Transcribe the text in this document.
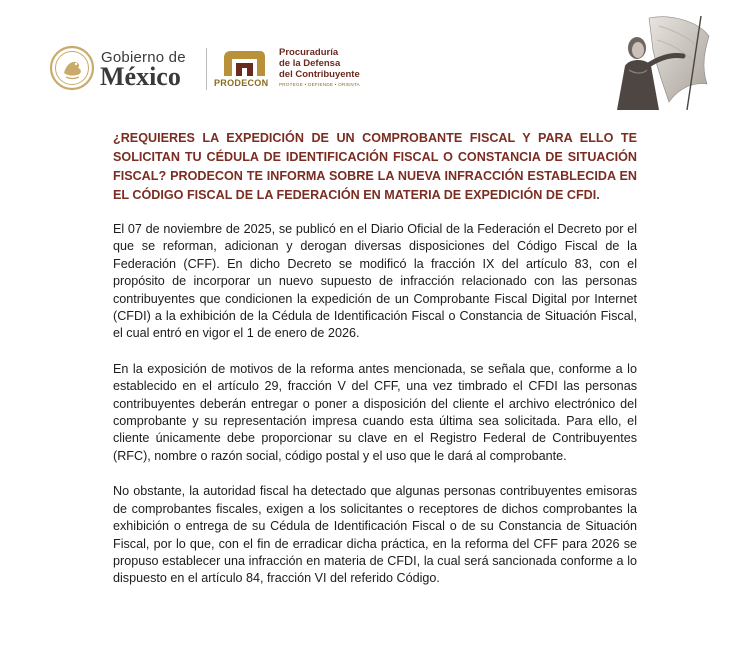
Gobierno de
México	PRODECON
Procuraduría
de la Defensa
del Contribuyente
PROTEGE • DEFIENDE • ORIENTA

¿REQUIERES LA EXPEDICIÓN DE UN COMPROBANTE FISCAL Y PARA ELLO TE SOLICITAN TU CÉDULA DE IDENTIFICACIÓN FISCAL O CONSTANCIA DE SITUACIÓN FISCAL? PRODECON TE INFORMA SOBRE LA NUEVA INFRACCIÓN ESTABLECIDA EN EL CÓDIGO FISCAL DE LA FEDERACIÓN EN MATERIA DE EXPEDICIÓN DE CFDI.

El 07 de noviembre de 2025, se publicó en el Diario Oficial de la Federación el Decreto por el que se reforman, adicionan y derogan diversas disposiciones del Código Fiscal de la Federación (CFF). En dicho Decreto se modificó la fracción IX del artículo 83, con el propósito de incorporar un nuevo supuesto de infracción relacionado con las personas contribuyentes que condicionen la expedición de un Comprobante Fiscal Digital por Internet (CFDI) a la exhibición de la Cédula de Identificación Fiscal o Constancia de Situación Fiscal, el cual entró en vigor el 1 de enero de 2026.

En la exposición de motivos de la reforma antes mencionada, se señala que, conforme a lo establecido en el artículo 29, fracción V del CFF, una vez timbrado el CFDI las personas contribuyentes deberán entregar o poner a disposición del cliente el archivo electrónico del comprobante y su representación impresa cuando esta última sea solicitada. Para ello, el cliente únicamente debe proporcionar su clave en el Registro Federal de Contribuyentes (RFC), nombre o razón social, código postal y el uso que le dará al comprobante.

No obstante, la autoridad fiscal ha detectado que algunas personas contribuyentes emisoras de comprobantes fiscales, exigen a los solicitantes o receptores de dichos comprobantes la exhibición o entrega de su Cédula de Identificación Fiscal o de su Constancia de Situación Fiscal, por lo que, con el fin de erradicar dicha práctica, en la reforma del CFF para 2026 se propuso establecer una infracción en materia de CFDI, la cual será sancionada conforme a lo dispuesto en el artículo 84, fracción VI del referido Código.
